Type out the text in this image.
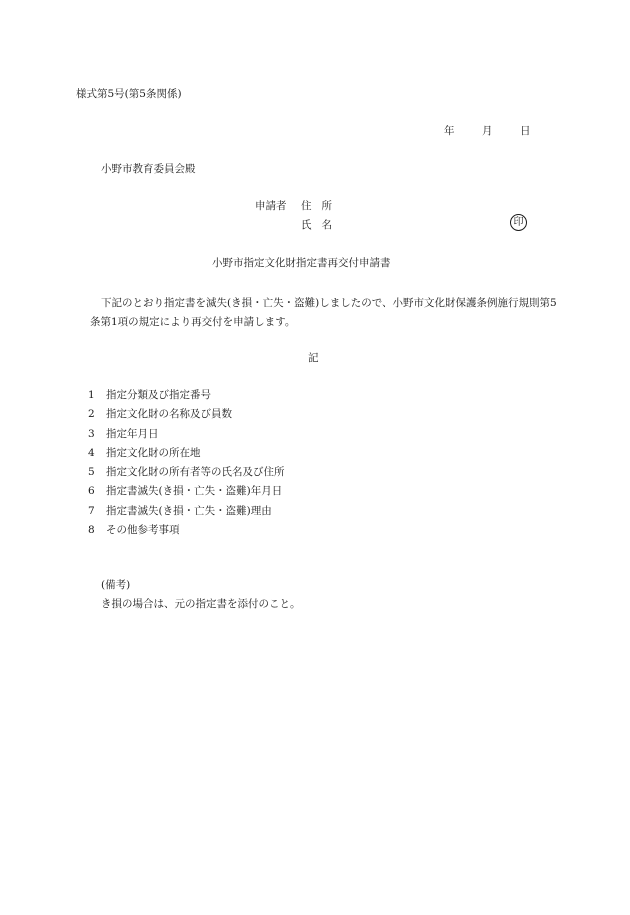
様式第5号(第5条関係)
年	月	日
小野市教育委員会殿
申請者 住所
氏名	印
小野市指定文化財指定書再交付申請書
下記のとおり指定書を滅失(き損・亡失・盗難)しましたので、小野市文化財保護条例施行規則第5条第1項の規定により再交付を申請します。
記
1 指定分類及び指定番号
2 指定文化財の名称及び員数
3 指定年月日
4 指定文化財の所在地
5 指定文化財の所有者等の氏名及び住所
6 指定書滅失(き損・亡失・盗難)年月日
7 指定書滅失(き損・亡失・盗難)理由
8 その他参考事項
(備考)
き損の場合は、元の指定書を添付のこと。
